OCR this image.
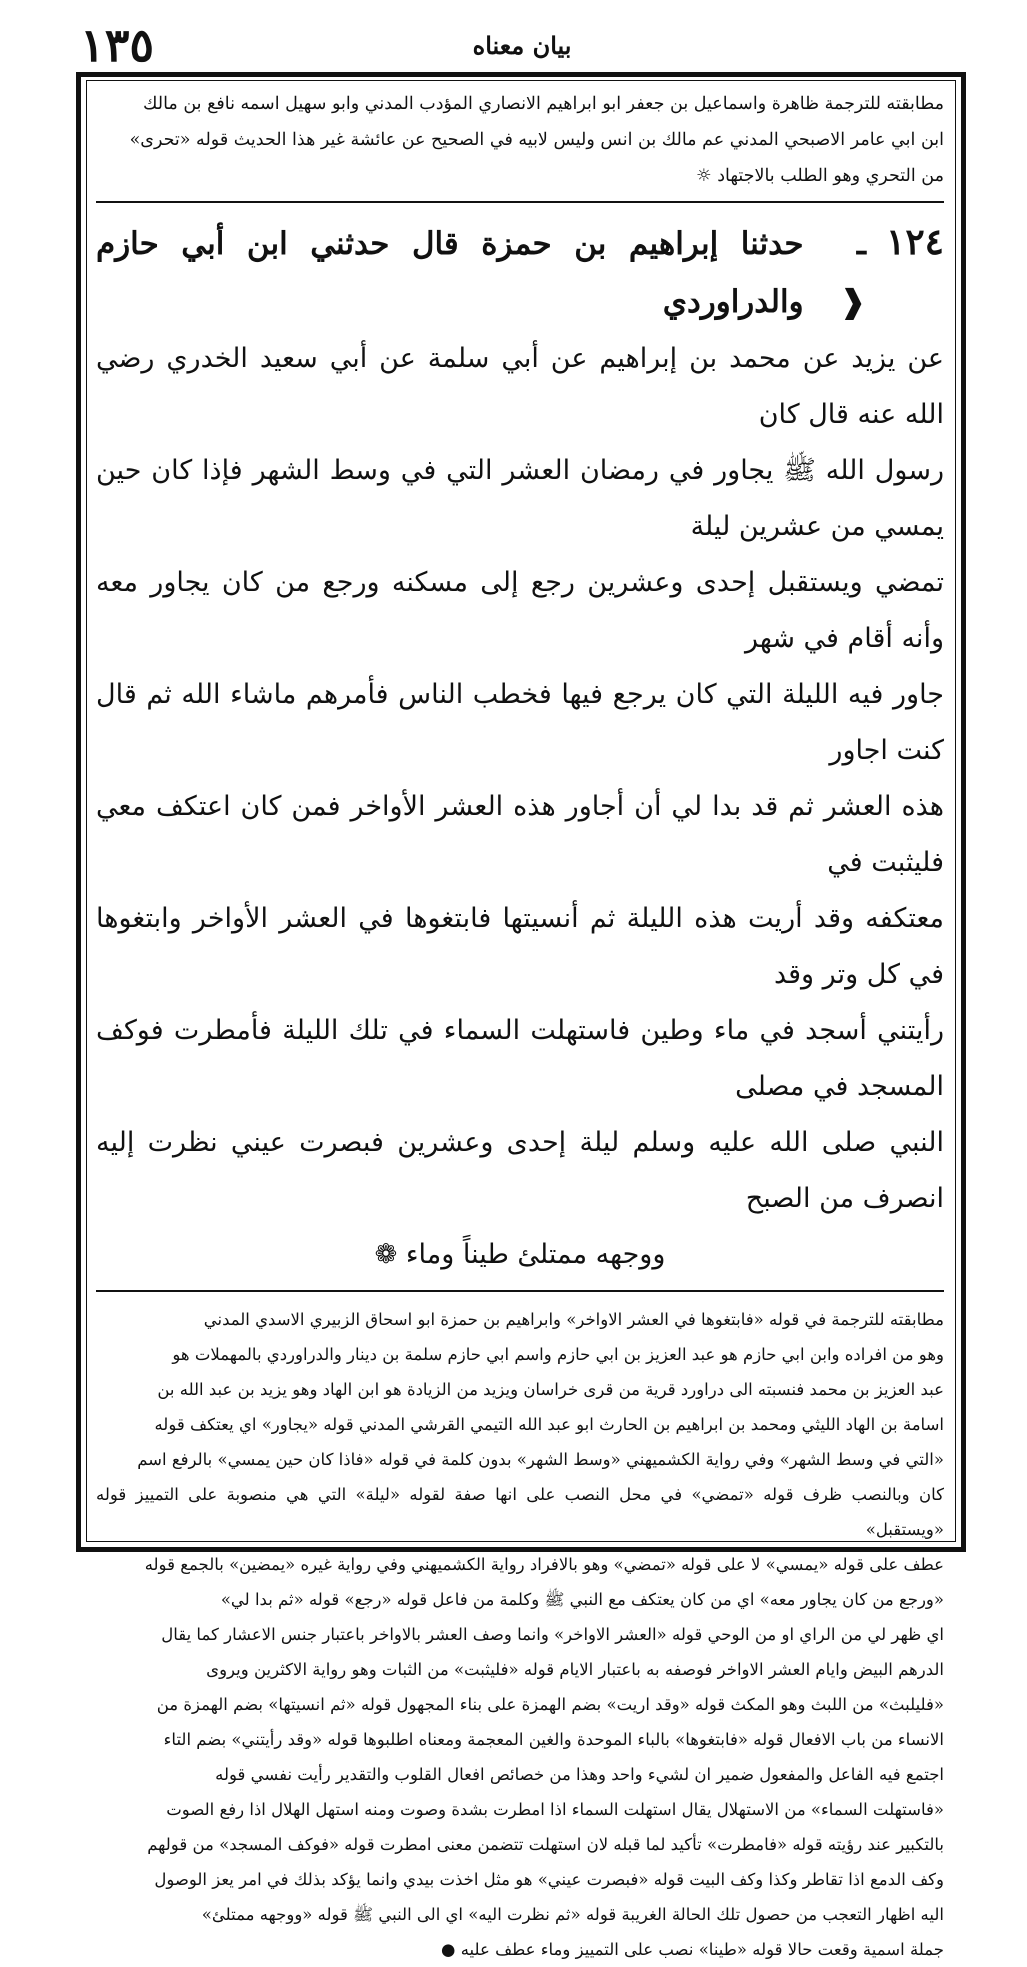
١٣٥	بيان معناه

مطابقته للترجمة ظاهرة واسماعيل بن جعفر ابو ابراهيم الانصاري المؤدب المدني وابو سهيل اسمه نافع بن مالك

ابن ابي عامر الاصبحي المدني عم مالك بن انس وليس لابيه في الصحيح عن عائشة غير هذا الحديث قوله «تحرى»

من التحري وهو الطلب بالاجتهاد ☼

١٢٤
ـ ❰
حدثنا إبراهيم بن حمزة قال حدثني ابن أبي حازم والدراوردي

عن يزيد عن محمد بن إبراهيم عن أبي سلمة عن أبي سعيد الخدري رضي الله عنه قال كان

رسول الله ﷺ يجاور في رمضان العشر التي في وسط الشهر فإذا كان حين يمسي من عشرين ليلة

تمضي ويستقبل إحدى وعشرين رجع إلى مسكنه ورجع من كان يجاور معه وأنه أقام في شهر

جاور فيه الليلة التي كان يرجع فيها فخطب الناس فأمرهم ماشاء الله ثم قال كنت اجاور

هذه العشر ثم قد بدا لي أن أجاور هذه العشر الأواخر فمن كان اعتكف معي فليثبت في

معتكفه وقد أريت هذه الليلة ثم أنسيتها فابتغوها في العشر الأواخر وابتغوها في كل وتر وقد

رأيتني أسجد في ماء وطين فاستهلت السماء في تلك الليلة فأمطرت فوكف المسجد في مصلى

النبي صلى الله عليه وسلم ليلة إحدى وعشرين فبصرت عيني نظرت إليه انصرف من الصبح

ووجهه ممتلئ طيناً وماء ❁

مطابقته للترجمة في قوله «فابتغوها في العشر الاواخر» وابراهيم بن حمزة ابو اسحاق الزبيري الاسدي المدني

وهو من افراده وابن ابي حازم هو عبد العزيز بن ابي حازم واسم ابي حازم سلمة بن دينار والدراوردي بالمهملات هو

عبد العزيز بن محمد فنسبته الى دراورد قرية من قرى خراسان ويزيد من الزيادة هو ابن الهاد وهو يزيد بن عبد الله بن

اسامة بن الهاد الليثي ومحمد بن ابراهيم بن الحارث ابو عبد الله التيمي القرشي المدني قوله «يجاور» اي يعتكف قوله

«التي في وسط الشهر» وفي رواية الكشميهني «وسط الشهر» بدون كلمة في قوله «فاذا كان حين يمسي» بالرفع اسم

كان وبالنصب ظرف قوله «تمضي» في محل النصب على انها صفة لقوله «ليلة» التي هي منصوبة على التمييز قوله «ويستقبل»

عطف على قوله «يمسي» لا على قوله «تمضي» وهو بالافراد رواية الكشميهني وفي رواية غيره «يمضين» بالجمع قوله

«ورجع من كان يجاور معه» اي من كان يعتكف مع النبي ﷺ وكلمة من فاعل قوله «رجع» قوله «ثم بدا لي»

اي ظهر لي من الراي او من الوحي قوله «العشر الاواخر» وانما وصف العشر بالاواخر باعتبار جنس الاعشار كما يقال

الدرهم البيض وايام العشر الاواخر فوصفه به باعتبار الايام قوله «فليثبت» من الثبات وهو رواية الاكثرين ويروى

«فليلبث» من اللبث وهو المكث قوله «وقد اريت» بضم الهمزة على بناء المجهول قوله «ثم انسيتها» بضم الهمزة من

الانساء من باب الافعال قوله «فابتغوها» بالباء الموحدة والغين المعجمة ومعناه اطلبوها قوله «وقد رأيتني» بضم التاء

اجتمع فيه الفاعل والمفعول ضمير ان لشيء واحد وهذا من خصائص افعال القلوب والتقدير رأيت نفسي قوله

«فاستهلت السماء» من الاستهلال يقال استهلت السماء اذا امطرت بشدة وصوت ومنه استهل الهلال اذا رفع الصوت

بالتكبير عند رؤيته قوله «فامطرت» تأكيد لما قبله لان استهلت تتضمن معنى امطرت قوله «فوكف المسجد» من قولهم

وكف الدمع اذا تقاطر وكذا وكف البيت قوله «فبصرت عيني» هو مثل اخذت بيدي وانما يؤكد بذلك في امر يعز الوصول

اليه اظهار التعجب من حصول تلك الحالة الغريبة قوله «ثم نظرت اليه» اي الى النبي ﷺ قوله «ووجهه ممتلئ»

جملة اسمية وقعت حالا قوله «طينا» نصب على التمييز وماء عطف عليه ●
